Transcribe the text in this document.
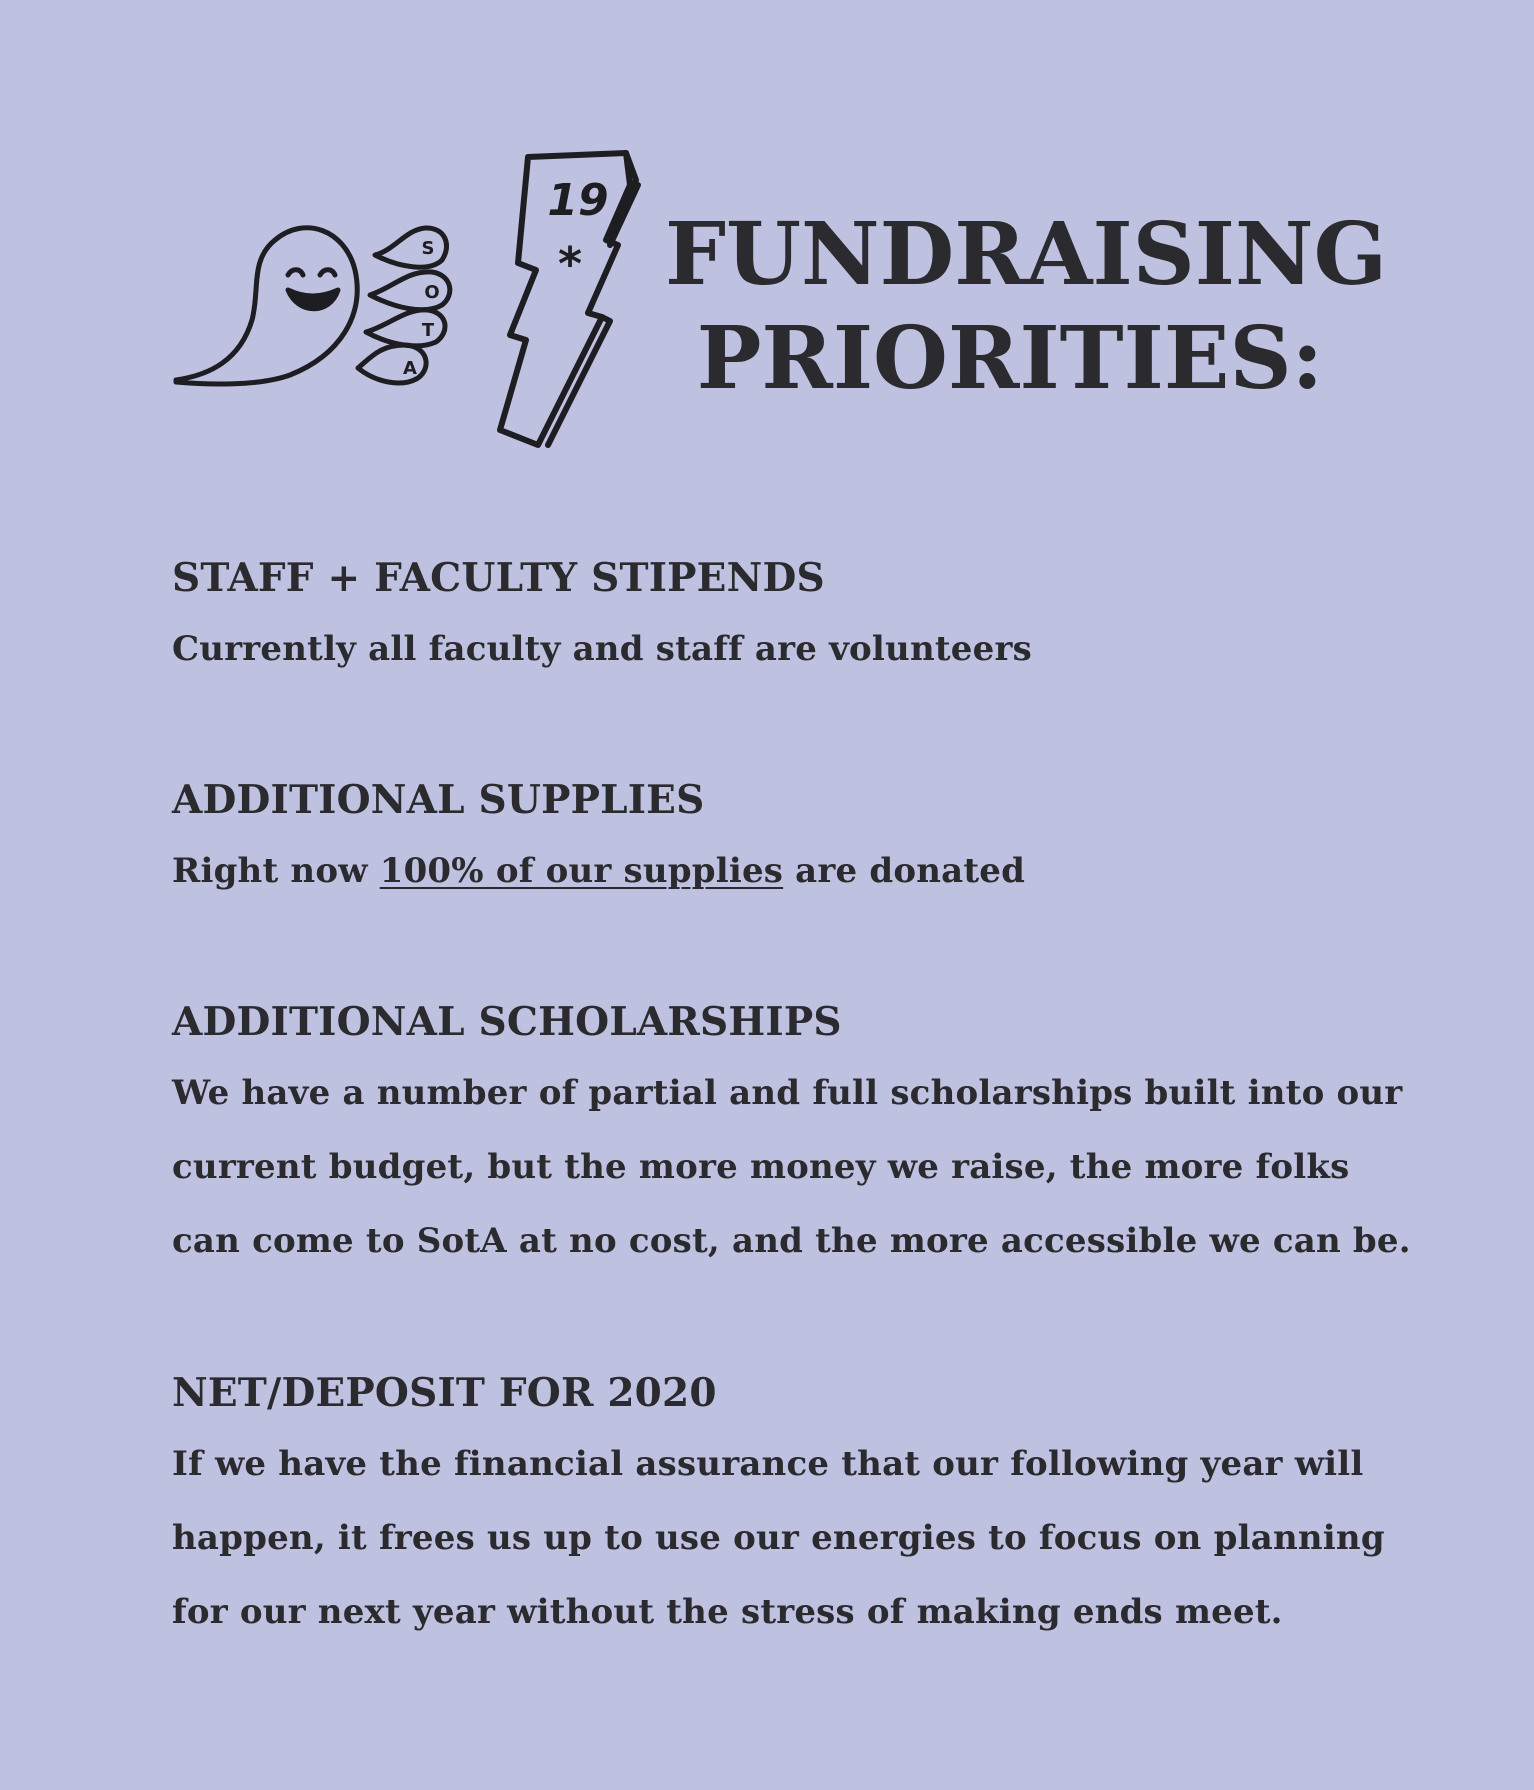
S
O
T
A
19
* FUNDRAISING
PRIORITIES:
STAFF + FACULTY STIPENDS

Currently all faculty and staff are volunteers

ADDITIONAL SUPPLIES

Right now 100% of our supplies are donated

ADDITIONAL SCHOLARSHIPS

We have a number of partial and full scholarships built into our current budget, but the more money we raise, the more folks can come to SotA at no cost, and the more accessible we can be.

NET/DEPOSIT FOR 2020

If we have the financial assurance that our following year will happen, it frees us up to use our energies to focus on planning for our next year without the stress of making ends meet.
